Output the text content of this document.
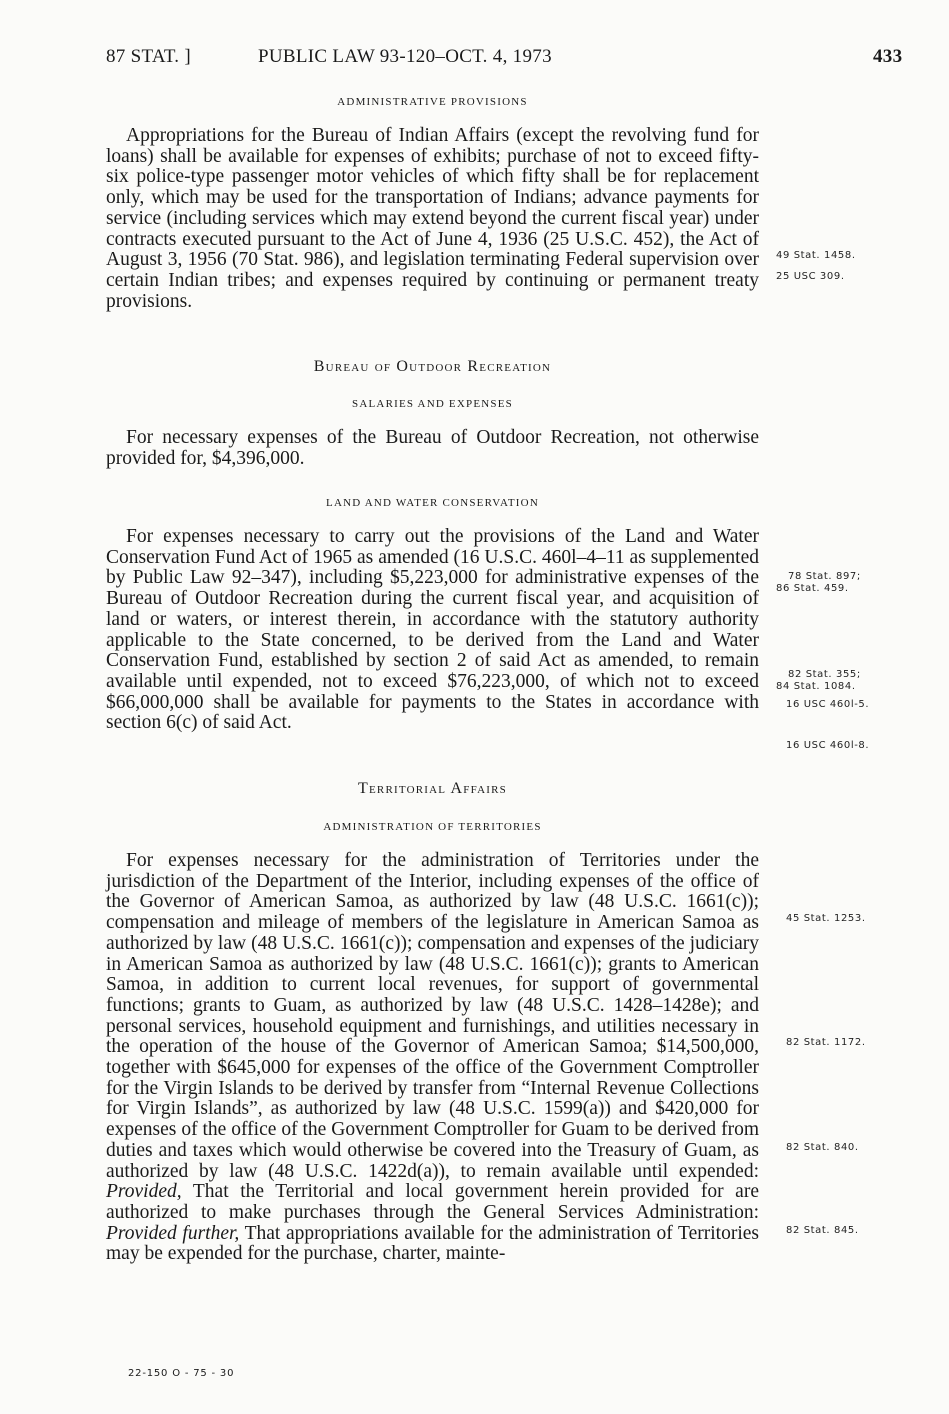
87 STAT. ]	PUBLIC LAW 93-120–OCT. 4, 1973	433
ADMINISTRATIVE PROVISIONS

Appropriations for the Bureau of Indian Affairs (except the revolving fund for loans) shall be available for expenses of exhibits; purchase of not to exceed fifty-six police-type passenger motor vehicles of which fifty shall be for replacement only, which may be used for the transportation of Indians; advance payments for service (including services which may extend beyond the current fiscal year) under contracts executed pursuant to the Act of June 4, 1936 (25 U.S.C. 452), the Act of August 3, 1956 (70 Stat. 986), and legislation terminating Federal supervision over certain Indian tribes; and expenses required by continuing or permanent treaty provisions.

Bureau of Outdoor Recreation
SALARIES AND EXPENSES

For necessary expenses of the Bureau of Outdoor Recreation, not otherwise provided for, $4,396,000.

LAND AND WATER CONSERVATION

For expenses necessary to carry out the provisions of the Land and Water Conservation Fund Act of 1965 as amended (16 U.S.C. 460l–4–11 as supplemented by Public Law 92–347), including $5,223,000 for administrative expenses of the Bureau of Outdoor Recreation during the current fiscal year, and acquisition of land or waters, or interest therein, in accordance with the statutory authority applicable to the State concerned, to be derived from the Land and Water Conservation Fund, established by section 2 of said Act as amended, to remain available until expended, not to exceed $76,223,000, of which not to exceed $66,000,000 shall be available for payments to the States in accordance with section 6(c) of said Act.

Territorial Affairs
ADMINISTRATION OF TERRITORIES

For expenses necessary for the administration of Territories under the jurisdiction of the Department of the Interior, including expenses of the office of the Governor of American Samoa, as authorized by law (48 U.S.C. 1661(c)); compensation and mileage of members of the legislature in American Samoa as authorized by law (48 U.S.C. 1661(c)); compensation and expenses of the judiciary in American Samoa as authorized by law (48 U.S.C. 1661(c)); grants to American Samoa, in addition to current local revenues, for support of governmental functions; grants to Guam, as authorized by law (48 U.S.C. 1428–1428e); and personal services, household equipment and furnishings, and utilities necessary in the operation of the house of the Governor of American Samoa; $14,500,000, together with $645,000 for expenses of the office of the Government Comptroller for the Virgin Islands to be derived by transfer from “Internal Revenue Collections for Virgin Islands”, as authorized by law (48 U.S.C. 1599(a)) and $420,000 for expenses of the office of the Government Comptroller for Guam to be derived from duties and taxes which would otherwise be covered into the Treasury of Guam, as authorized by law (48 U.S.C. 1422d(a)), to remain available until expended: Provided, That the Territorial and local government herein provided for are authorized to make purchases through the General Services Administration: Provided further, That appropriations available for the administration of Territories may be expended for the purchase, charter, mainte-

49 Stat. 1458.
25 USC 309.
78 Stat. 897;
86 Stat. 459.
82 Stat. 355;
84 Stat. 1084.
16 USC 460l-5.
16 USC 460l-8.
45 Stat. 1253.
82 Stat. 1172.
82 Stat. 840.
82 Stat. 845.
22-150 O - 75 - 30
